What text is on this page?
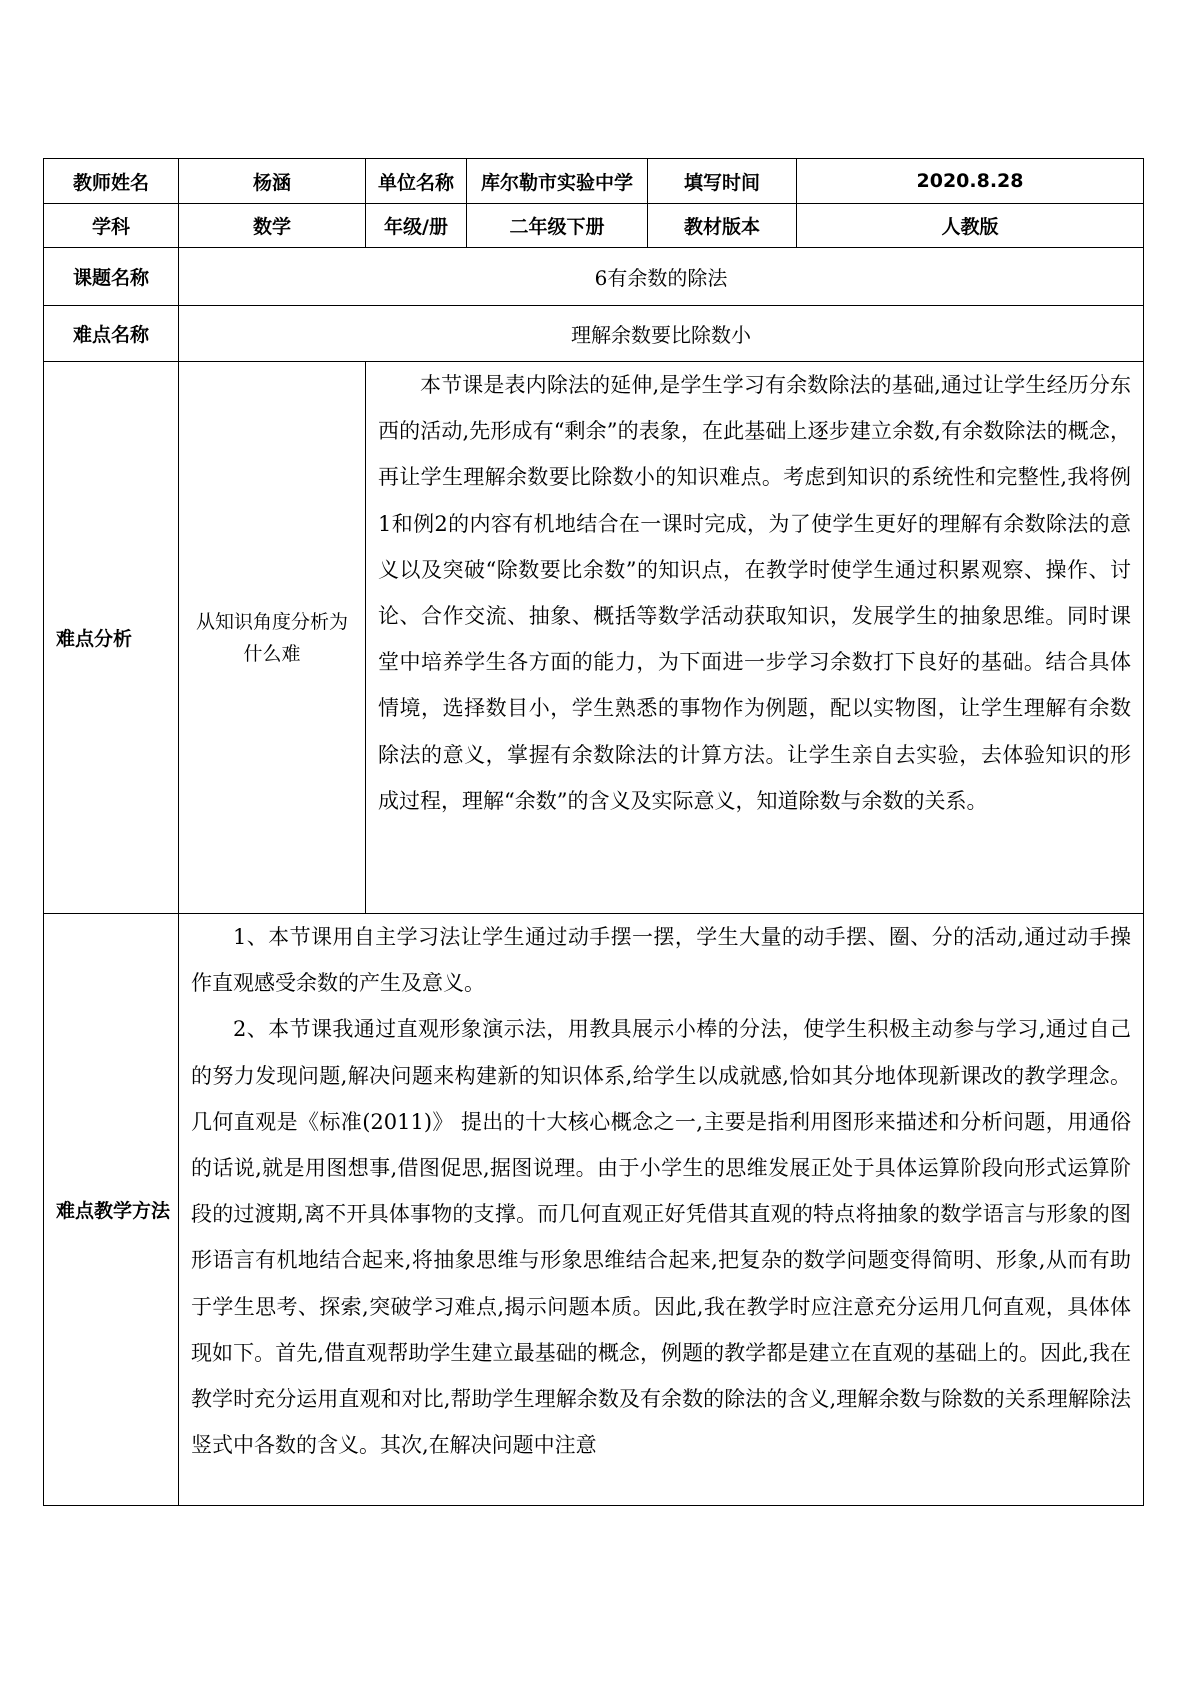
教师姓名	杨涵	单位名称	库尔勒市实验中学	填写时间	2020.8.28
学科	数学	年级/册	二年级下册	教材版本	人教版
课题名称	6有余数的除法				
难点名称	理解余数要比除数小				
难点分析	从知识角度分析为什么难	本节课是表内除法的延伸,是学生学习有余数除法的基础,通过让学生经历分东西的活动,先形成有“剩余”的表象，在此基础上逐步建立余数,有余数除法的概念，再让学生理解余数要比除数小的知识难点。考虑到知识的系统性和完整性,我将例1和例2的内容有机地结合在一课时完成，为了使学生更好的理解有余数除法的意义以及突破“除数要比余数”的知识点，在教学时使学生通过积累观察、操作、讨论、合作交流、抽象、概括等数学活动获取知识，发展学生的抽象思维。同时课堂中培养学生各方面的能力，为下面进一步学习余数打下良好的基础。结合具体情境，选择数目小，学生熟悉的事物作为例题，配以实物图，让学生理解有余数除法的意义，掌握有余数除法的计算方法。让学生亲自去实验，去体验知识的形成过程，理解“余数”的含义及实际意义，知道除数与余数的关系。			

难点教学方法	1、本节课用自主学习法让学生通过动手摆一摆，学生大量的动手摆、圈、分的活动,通过动手操作直观感受余数的产生及意义。

2、本节课我通过直观形象演示法，用教具展示小棒的分法，使学生积极主动参与学习,通过自己的努力发现问题,解决问题来构建新的知识体系,给学生以成就感,恰如其分地体现新课改的教学理念。几何直观是《标准(2011)》 提出的十大核心概念之一,主要是指利用图形来描述和分析问题，用通俗的话说,就是用图想事,借图促思,据图说理。由于小学生的思维发展正处于具体运算阶段向形式运算阶段的过渡期,离不开具体事物的支撑。而几何直观正好凭借其直观的特点将抽象的数学语言与形象的图形语言有机地结合起来,将抽象思维与形象思维结合起来,把复杂的数学问题变得简明、形象,从而有助于学生思考、探索,突破学习难点,揭示问题本质。因此,我在教学时应注意充分运用几何直观，具体体现如下。首先,借直观帮助学生建立最基础的概念，例题的教学都是建立在直观的基础上的。因此,我在教学时充分运用直观和对比,帮助学生理解余数及有余数的除法的含义,理解余数与除数的关系理解除法竖式中各数的含义。其次,在解决问题中注意				
